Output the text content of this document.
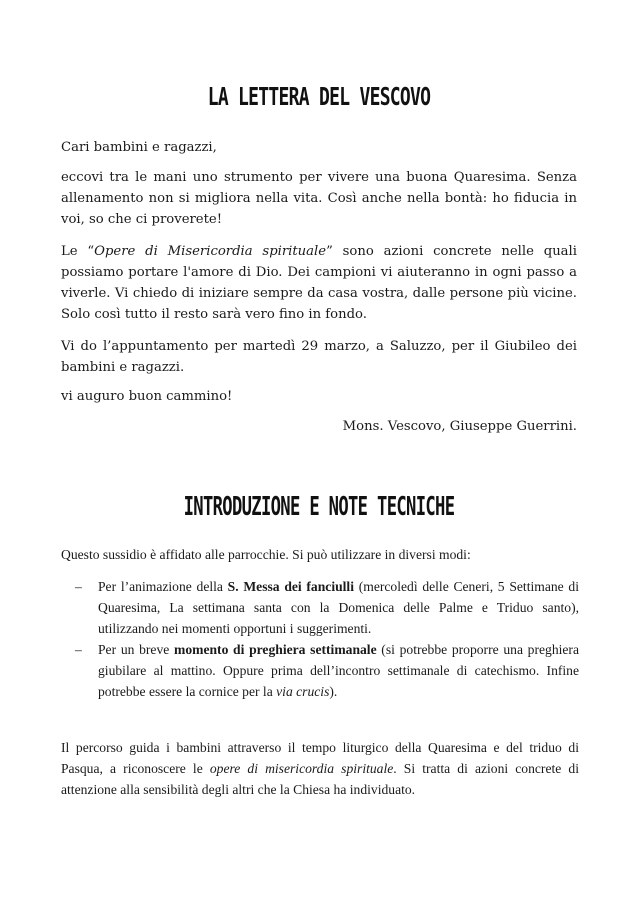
LA LETTERA DEL VESCOVO

Cari bambini e ragazzi,

eccovi tra le mani uno strumento per vivere una buona Quaresima. Senza allenamento non si migliora nella vita. Così anche nella bontà: ho fiducia in voi, so che ci proverete!

Le “Opere di Misericordia spirituale” sono azioni concrete nelle quali possiamo portare l'amore di Dio. Dei campioni vi aiuteranno in ogni passo a viverle. Vi chiedo di iniziare sempre da casa vostra, dalle persone più vicine. Solo così tutto il resto sarà vero fino in fondo.

Vi do l’appuntamento per martedì 29 marzo, a Saluzzo, per il Giubileo dei bambini e ragazzi.

vi auguro buon cammino!

Mons. Vescovo, Giuseppe Guerrini.

INTRODUZIONE E NOTE TECNICHE

Questo sussidio è affidato alle parrocchie. Si può utilizzare in diversi modi:

– Per l’animazione della S. Messa dei fanciulli (mercoledì delle Ceneri, 5 Settimane di Quaresima, La settimana santa con la Domenica delle Palme e Triduo santo), utilizzando nei momenti opportuni i suggerimenti.
– Per un breve momento di preghiera settimanale (si potrebbe proporre una preghiera giubilare al mattino. Oppure prima dell’incontro settimanale di catechismo. Infine potrebbe essere la cornice per la via crucis).

Il percorso guida i bambini attraverso il tempo liturgico della Quaresima e del triduo di Pasqua, a riconoscere le opere di misericordia spirituale. Si tratta di azioni concrete di attenzione alla sensibilità degli altri che la Chiesa ha individuato.
